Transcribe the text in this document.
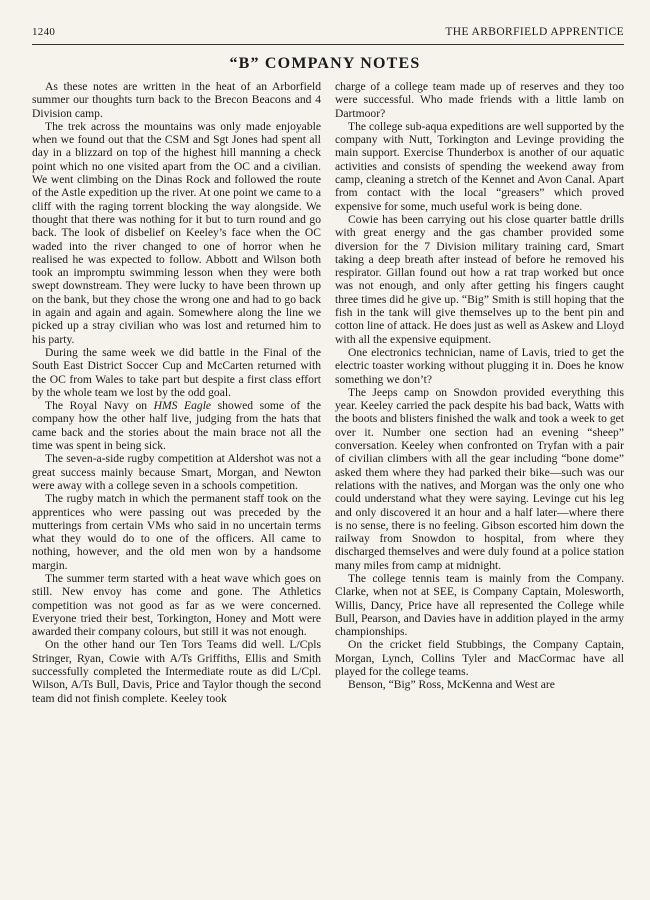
1240	THE ARBORFIELD APPRENTICE
“B” COMPANY NOTES

As these notes are written in the heat of an Arborfield summer our thoughts turn back to the Brecon Beacons and 4 Division camp.

The trek across the mountains was only made enjoyable when we found out that the CSM and Sgt Jones had spent all day in a blizzard on top of the highest hill manning a check point which no one visited apart from the OC and a civilian. We went climbing on the Dinas Rock and followed the route of the Astle expedition up the river. At one point we came to a cliff with the raging torrent blocking the way alongside. We thought that there was nothing for it but to turn round and go back. The look of disbelief on Keeley’s face when the OC waded into the river changed to one of horror when he realised he was expected to follow. Abbott and Wilson both took an impromptu swimming lesson when they were both swept downstream. They were lucky to have been thrown up on the bank, but they chose the wrong one and had to go back in again and again and again. Somewhere along the line we picked up a stray civilian who was lost and returned him to his party.

During the same week we did battle in the Final of the South East District Soccer Cup and McCarten returned with the OC from Wales to take part but despite a first class effort by the whole team we lost by the odd goal.

The Royal Navy on HMS Eagle showed some of the company how the other half live, judging from the hats that came back and the stories about the main brace not all the time was spent in being sick.

The seven-a-side rugby competition at Aldershot was not a great success mainly because Smart, Morgan, and Newton were away with a college seven in a schools competition.

The rugby match in which the permanent staff took on the apprentices who were passing out was preceded by the mutterings from certain VMs who said in no uncertain terms what they would do to one of the officers. All came to nothing, however, and the old men won by a handsome margin.

The summer term started with a heat wave which goes on still. New envoy has come and gone. The Athletics competition was not good as far as we were concerned. Everyone tried their best, Torkington, Honey and Mott were awarded their company colours, but still it was not enough.

On the other hand our Ten Tors Teams did well. L/Cpls Stringer, Ryan, Cowie with A/Ts Griffiths, Ellis and Smith successfully completed the Intermediate route as did L/Cpl. Wilson, A/Ts Bull, Davis, Price and Taylor though the second team did not finish complete. Keeley took

charge of a college team made up of reserves and they too were successful. Who made friends with a little lamb on Dartmoor?

The college sub-aqua expeditions are well supported by the company with Nutt, Torkington and Levinge providing the main support. Exercise Thunderbox is another of our aquatic activities and consists of spending the weekend away from camp, cleaning a stretch of the Kennet and Avon Canal. Apart from contact with the local “greasers” which proved expensive for some, much useful work is being done.

Cowie has been carrying out his close quarter battle drills with great energy and the gas chamber provided some diversion for the 7 Division military training card, Smart taking a deep breath after instead of before he removed his respirator. Gillan found out how a rat trap worked but once was not enough, and only after getting his fingers caught three times did he give up. “Big” Smith is still hoping that the fish in the tank will give themselves up to the bent pin and cotton line of attack. He does just as well as Askew and Lloyd with all the expensive equipment.

One electronics technician, name of Lavis, tried to get the electric toaster working without plugging it in. Does he know something we don’t?

The Jeeps camp on Snowdon provided everything this year. Keeley carried the pack despite his bad back, Watts with the boots and blisters finished the walk and took a week to get over it. Number one section had an evening “sheep” conversation. Keeley when confronted on Tryfan with a pair of civilian climbers with all the gear including “bone dome” asked them where they had parked their bike—such was our relations with the natives, and Morgan was the only one who could understand what they were saying. Levinge cut his leg and only discovered it an hour and a half later—where there is no sense, there is no feeling. Gibson escorted him down the railway from Snowdon to hospital, from where they discharged themselves and were duly found at a police station many miles from camp at midnight.

The college tennis team is mainly from the Company. Clarke, when not at SEE, is Company Captain, Molesworth, Willis, Dancy, Price have all represented the College while Bull, Pearson, and Davies have in addition played in the army championships.

On the cricket field Stubbings, the Company Captain, Morgan, Lynch, Collins Tyler and MacCormac have all played for the college teams.

Benson, “Big” Ross, McKenna and West are
